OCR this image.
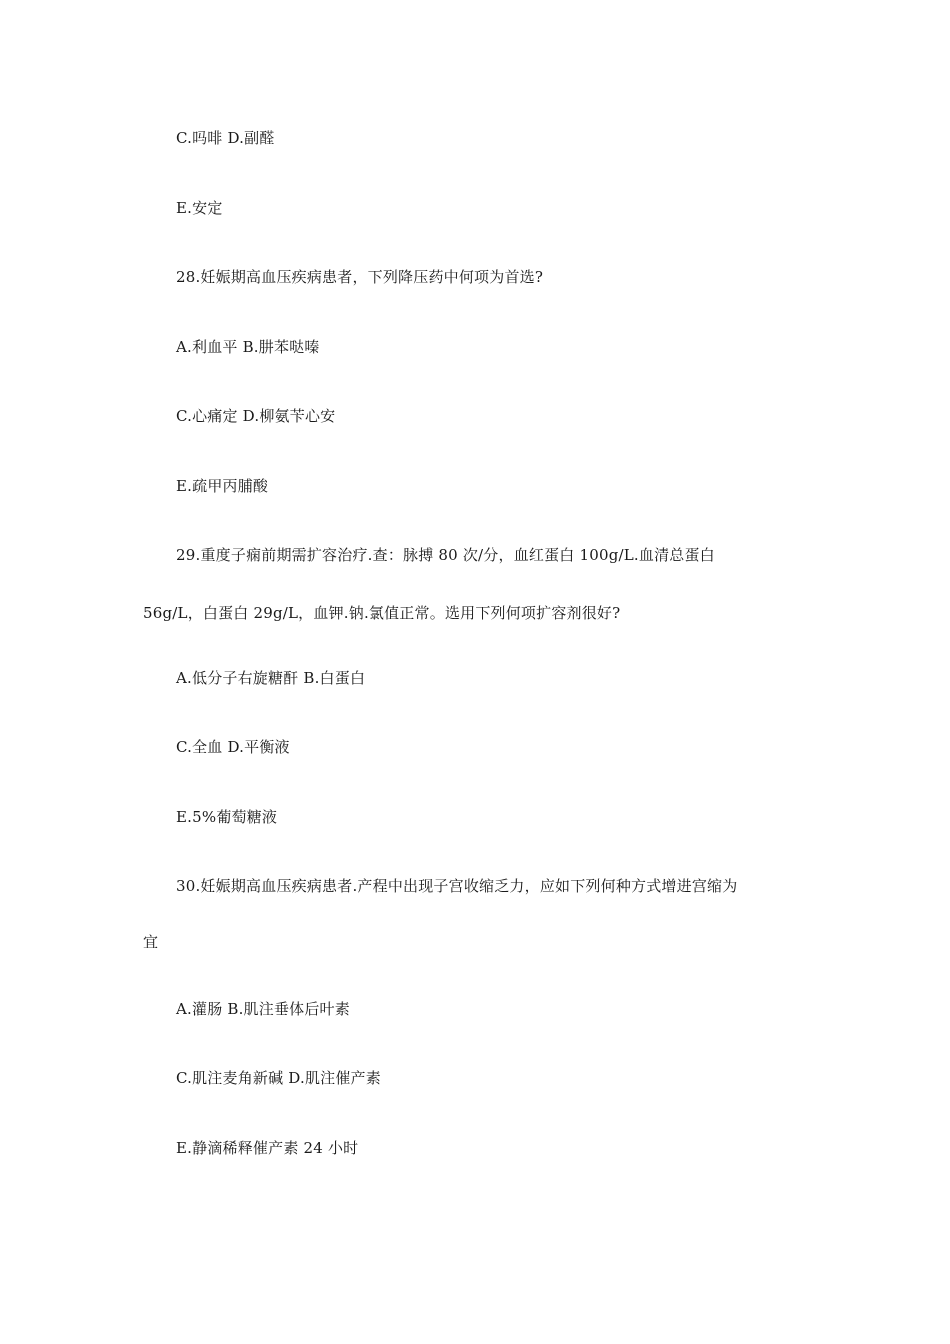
C.吗啡 D.副醛
E.安定
28.妊娠期高血压疾病患者，下列降压药中何项为首选?
A.利血平 B.肼苯哒嗪
C.心痛定 D.柳氨苄心安
E.疏甲丙脯酸
29.重度子痫前期需扩容治疗.查：脉搏 80 次/分，血红蛋白 100g/L.血清总蛋白
56g/L，白蛋白 29g/L，血钾.钠.氯值正常。选用下列何项扩容剂很好?
A.低分子右旋糖酐 B.白蛋白
C.全血 D.平衡液
E.5%葡萄糖液
30.妊娠期高血压疾病患者.产程中出现子宫收缩乏力，应如下列何种方式增进宫缩为
宜
A.灌肠 B.肌注垂体后叶素
C.肌注麦角新碱 D.肌注催产素
E.静滴稀释催产素 24 小时
